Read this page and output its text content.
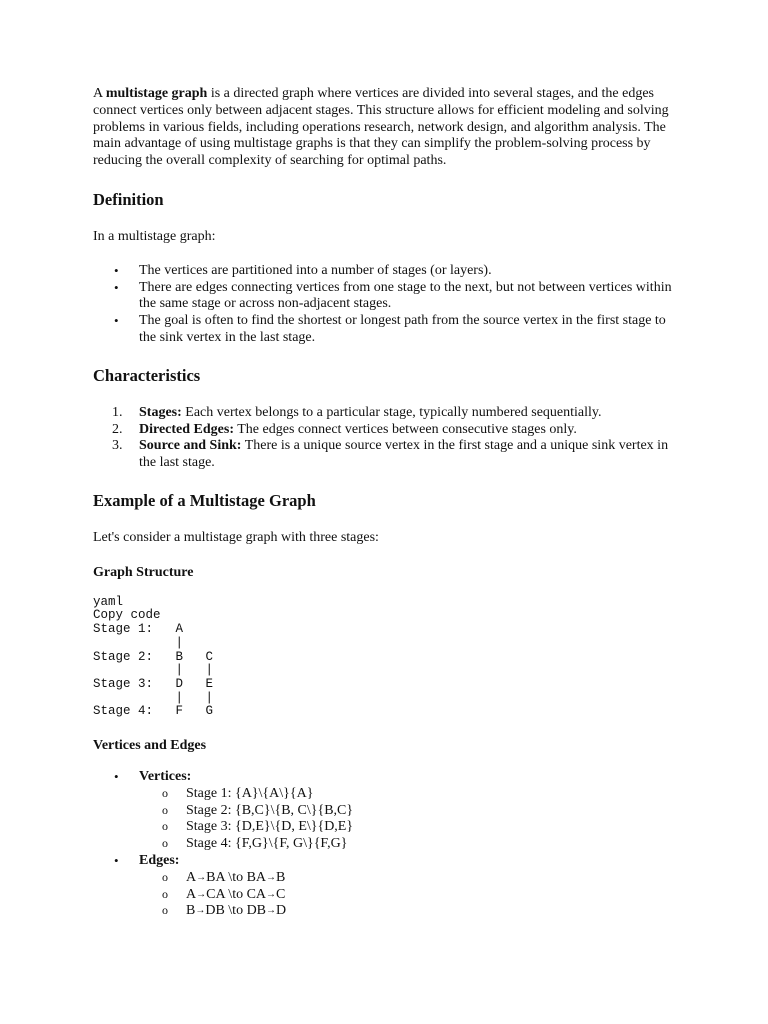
A multistage graph is a directed graph where vertices are divided into several stages, and the edges connect vertices only between adjacent stages. This structure allows for efficient modeling and solving problems in various fields, including operations research, network design, and algorithm analysis. The main advantage of using multistage graphs is that they can simplify the problem-solving process by reducing the overall complexity of searching for optimal paths.

Definition

In a multistage graph:

• The vertices are partitioned into a number of stages (or layers).
• There are edges connecting vertices from one stage to the next, but not between vertices within the same stage or across non-adjacent stages.
• The goal is often to find the shortest or longest path from the source vertex in the first stage to the sink vertex in the last stage.
Characteristics
1. Stages: Each vertex belongs to a particular stage, typically numbered sequentially.
2. Directed Edges: The edges connect vertices between consecutive stages only.
3. Source and Sink: There is a unique source vertex in the first stage and a unique sink vertex in the last stage.
Example of a Multistage Graph

Let's consider a multistage graph with three stages:

Graph Structure
yaml
Copy code
Stage 1:   A
|
Stage 2:   B   C
|   |
Stage 3:   D   E
|   |
Stage 4:   F   G
Vertices and Edges
• Vertices:
o Stage 1: {A}\{A\}{A}
o Stage 2: {B,C}\{B, C\}{B,C}
o Stage 3: {D,E}\{D, E\}{D,E}
o Stage 4: {F,G}\{F, G\}{F,G}
• Edges:
o A→BA \to BA→B
o A→CA \to CA→C
o B→DB \to DB→D
